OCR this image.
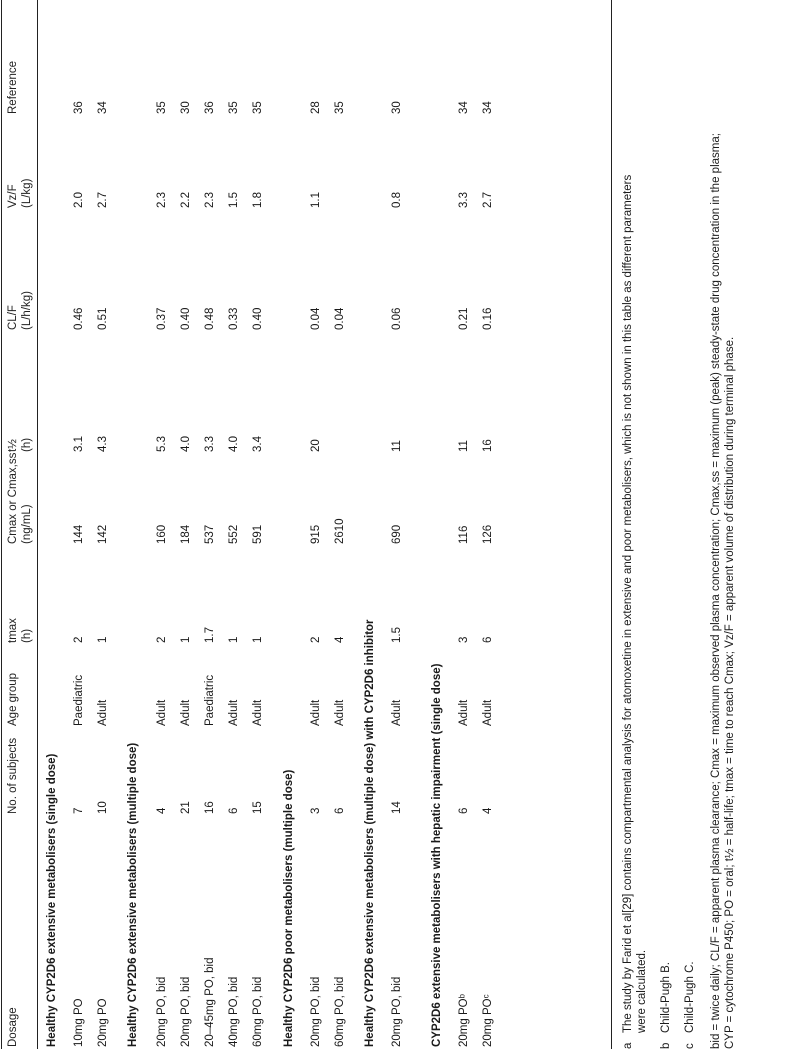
Dosage
No. of subjects
Age group
tmax (h)
Cmax or Cmax,ss (ng/mL)
t½ (h)
CL/F (L/h/kg)
Vz/F (L/kg)
Reference
Healthy CYP2D6 extensive metabolisers (single dose) 10mg PO
7
Paediatric
2
144
3.1
0.46
2.0
36
20mg PO
10
Adult
1
142
4.3
0.51
2.7
34
Healthy CYP2D6 extensive metabolisers (multiple dose) 20mg PO, bid
4
Adult
2
160
5.3
0.37
2.3
35
20mg PO, bid
21
Adult
1
184
4.0
0.40
2.2
30
20–45mg PO, bid
16
Paediatric
1.7
537
3.3
0.48
2.3
36
40mg PO, bid
6
Adult
1
552
4.0
0.33
1.5
35
60mg PO, bid
15
Adult
1
591
3.4
0.40
1.8
35
Healthy CYP2D6 poor metabolisers (multiple dose) 20mg PO, bid
3
Adult
2
915
20
0.04
1.1
28
60mg PO, bid
6
Adult
4
2610
0.04
35
Healthy CYP2D6 extensive metabolisers (multiple dose) with CYP2D6 inhibitor 20mg PO, bid
14
Adult
1.5
690
11
0.06
0.8
30
CYP2D6 extensive metabolisers with hepatic impairment (single dose) 20mg POᵇ
6
Adult
3
116
11
0.21
3.3
34
20mg POᶜ
4
Adult
6
126
16
0.16
2.7
34
aThe study by Farid et al[29] contains compartmental analysis for atomoxetine in extensive and poor metabolisers, which is not shown in this table as different parameters were calculated.
bChild-Pugh B.
cChild-Pugh C. bid = twice daily; CL/F = apparent plasma clearance; Cmax = maximum observed plasma concentration; Cmax,ss = maximum (peak) steady-state drug concentration in the plasma; CYP = cytochrome P450; PO = oral; t½ = half-life; tmax = time to reach Cmax; Vz/F = apparent volume of distribution during terminal phase.
